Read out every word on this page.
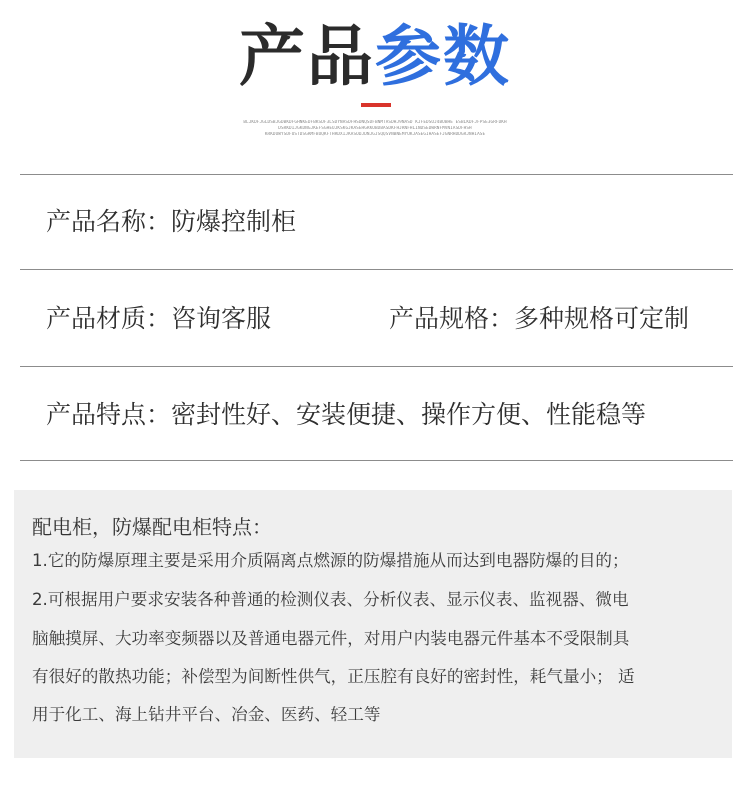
产品参数
BLJKDFJGLDSBJGDBKDFGHNKEDFBKSDF3LSDYNASDFHSDNQSDFBNMTASDHJ9NASD KJFEDSUJ4BUBHE ESBLKDFJFPSE3GRFDKH
DSRKDIJGKDNGJKEFSGHEUJKSKGJKASEHGRKOBDBASDKFHJRNFHLINDSEDWRNFMVNIASDFHSH
KRKDUWYSDFUSTDSGRMFBUQKFTHRDXIJKASODJDNJGJSQQSVNBNEMYUKJASEGIHASEFJGNRHDDGRJNHIASE
产品名称：防爆控制柜
产品材质：咨询客服	产品规格：多种规格可定制
产品特点：密封性好、安装便捷、操作方便、性能稳等
配电柜，防爆配电柜特点：
1.它的防爆原理主要是采用介质隔离点燃源的防爆措施从而达到电器防爆的目的；
2.可根据用户要求安装各种普通的检测仪表、分析仪表、显示仪表、监视器、微电
脑触摸屏、大功率变频器以及普通电器元件，对用户内装电器元件基本不受限制具
有很好的散热功能；补偿型为间断性供气，正压腔有良好的密封性，耗气量小； 适
用于化工、海上钻井平台、冶金、医药、轻工等
